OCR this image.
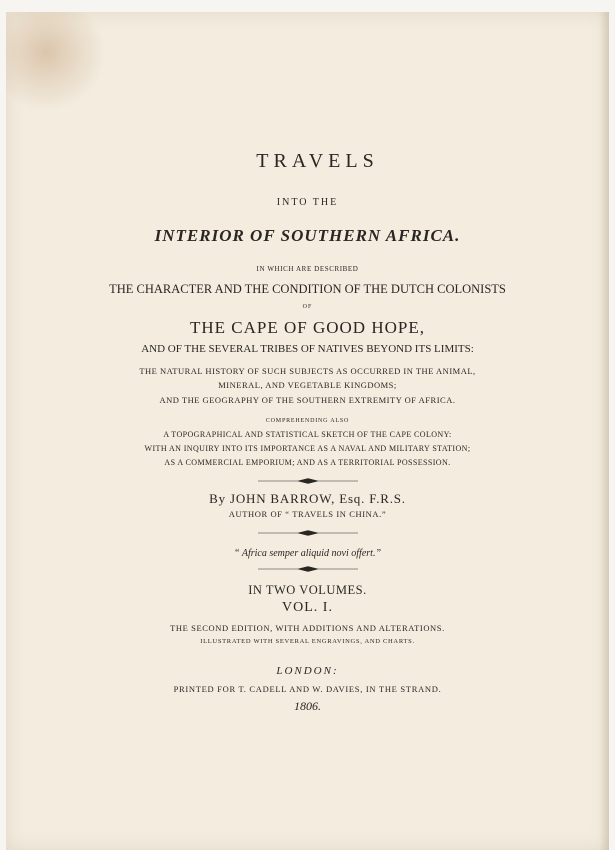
TRAVELS
INTO THE
INTERIOR OF SOUTHERN AFRICA.
IN WHICH ARE DESCRIBED
THE CHARACTER AND THE CONDITION OF THE DUTCH COLONISTS
OF
THE CAPE OF GOOD HOPE,
AND OF THE SEVERAL TRIBES OF NATIVES BEYOND ITS LIMITS:
THE NATURAL HISTORY OF SUCH SUBJECTS AS OCCURRED IN THE ANIMAL,
MINERAL, AND VEGETABLE KINGDOMS;
AND THE GEOGRAPHY OF THE SOUTHERN EXTREMITY OF AFRICA.
COMPREHENDING ALSO
A TOPOGRAPHICAL AND STATISTICAL SKETCH OF THE CAPE COLONY:
WITH AN INQUIRY INTO ITS IMPORTANCE AS A NAVAL AND MILITARY STATION;
AS A COMMERCIAL EMPORIUM; AND AS A TERRITORIAL POSSESSION.
By JOHN BARROW, Esq. F.R.S.
AUTHOR OF “ TRAVELS IN CHINA.”
“ Africa semper aliquid novi offert.”
IN TWO VOLUMES.
VOL. I.
THE SECOND EDITION, WITH ADDITIONS AND ALTERATIONS.
ILLUSTRATED WITH SEVERAL ENGRAVINGS, AND CHARTS.
LONDON:
PRINTED FOR T. CADELL AND W. DAVIES, IN THE STRAND.
1806.
